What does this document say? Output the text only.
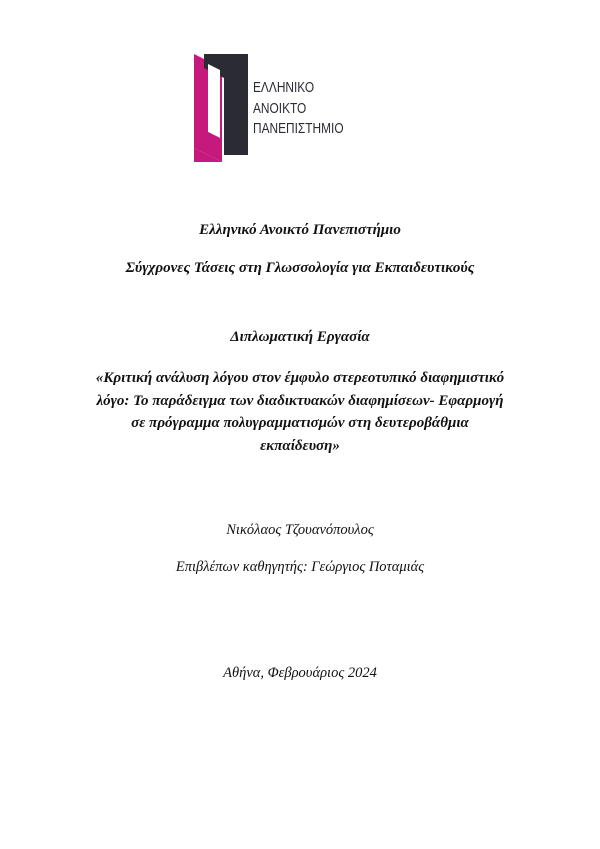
ΕΛΛΗΝΙΚΟ
ΑΝΟΙΚΤΟ
ΠΑΝΕΠΙΣΤΗΜΙΟ
Ελληνικό Ανοικτό Πανεπιστήμιο
Σύγχρονες Τάσεις στη Γλωσσολογία για Εκπαιδευτικούς
Διπλωματική Εργασία
«Κριτική ανάλυση λόγου στον έμφυλο στερεοτυπικό διαφημιστικό
λόγο: Το παράδειγμα των διαδικτυακών διαφημίσεων- Εφαρμογή
σε πρόγραμμα πολυγραμματισμών στη δευτεροβάθμια
εκπαίδευση»
Νικόλαος Τζουανόπουλος
Επιβλέπων καθηγητής: Γεώργιος Ποταμιάς
Αθήνα, Φεβρουάριος 2024
